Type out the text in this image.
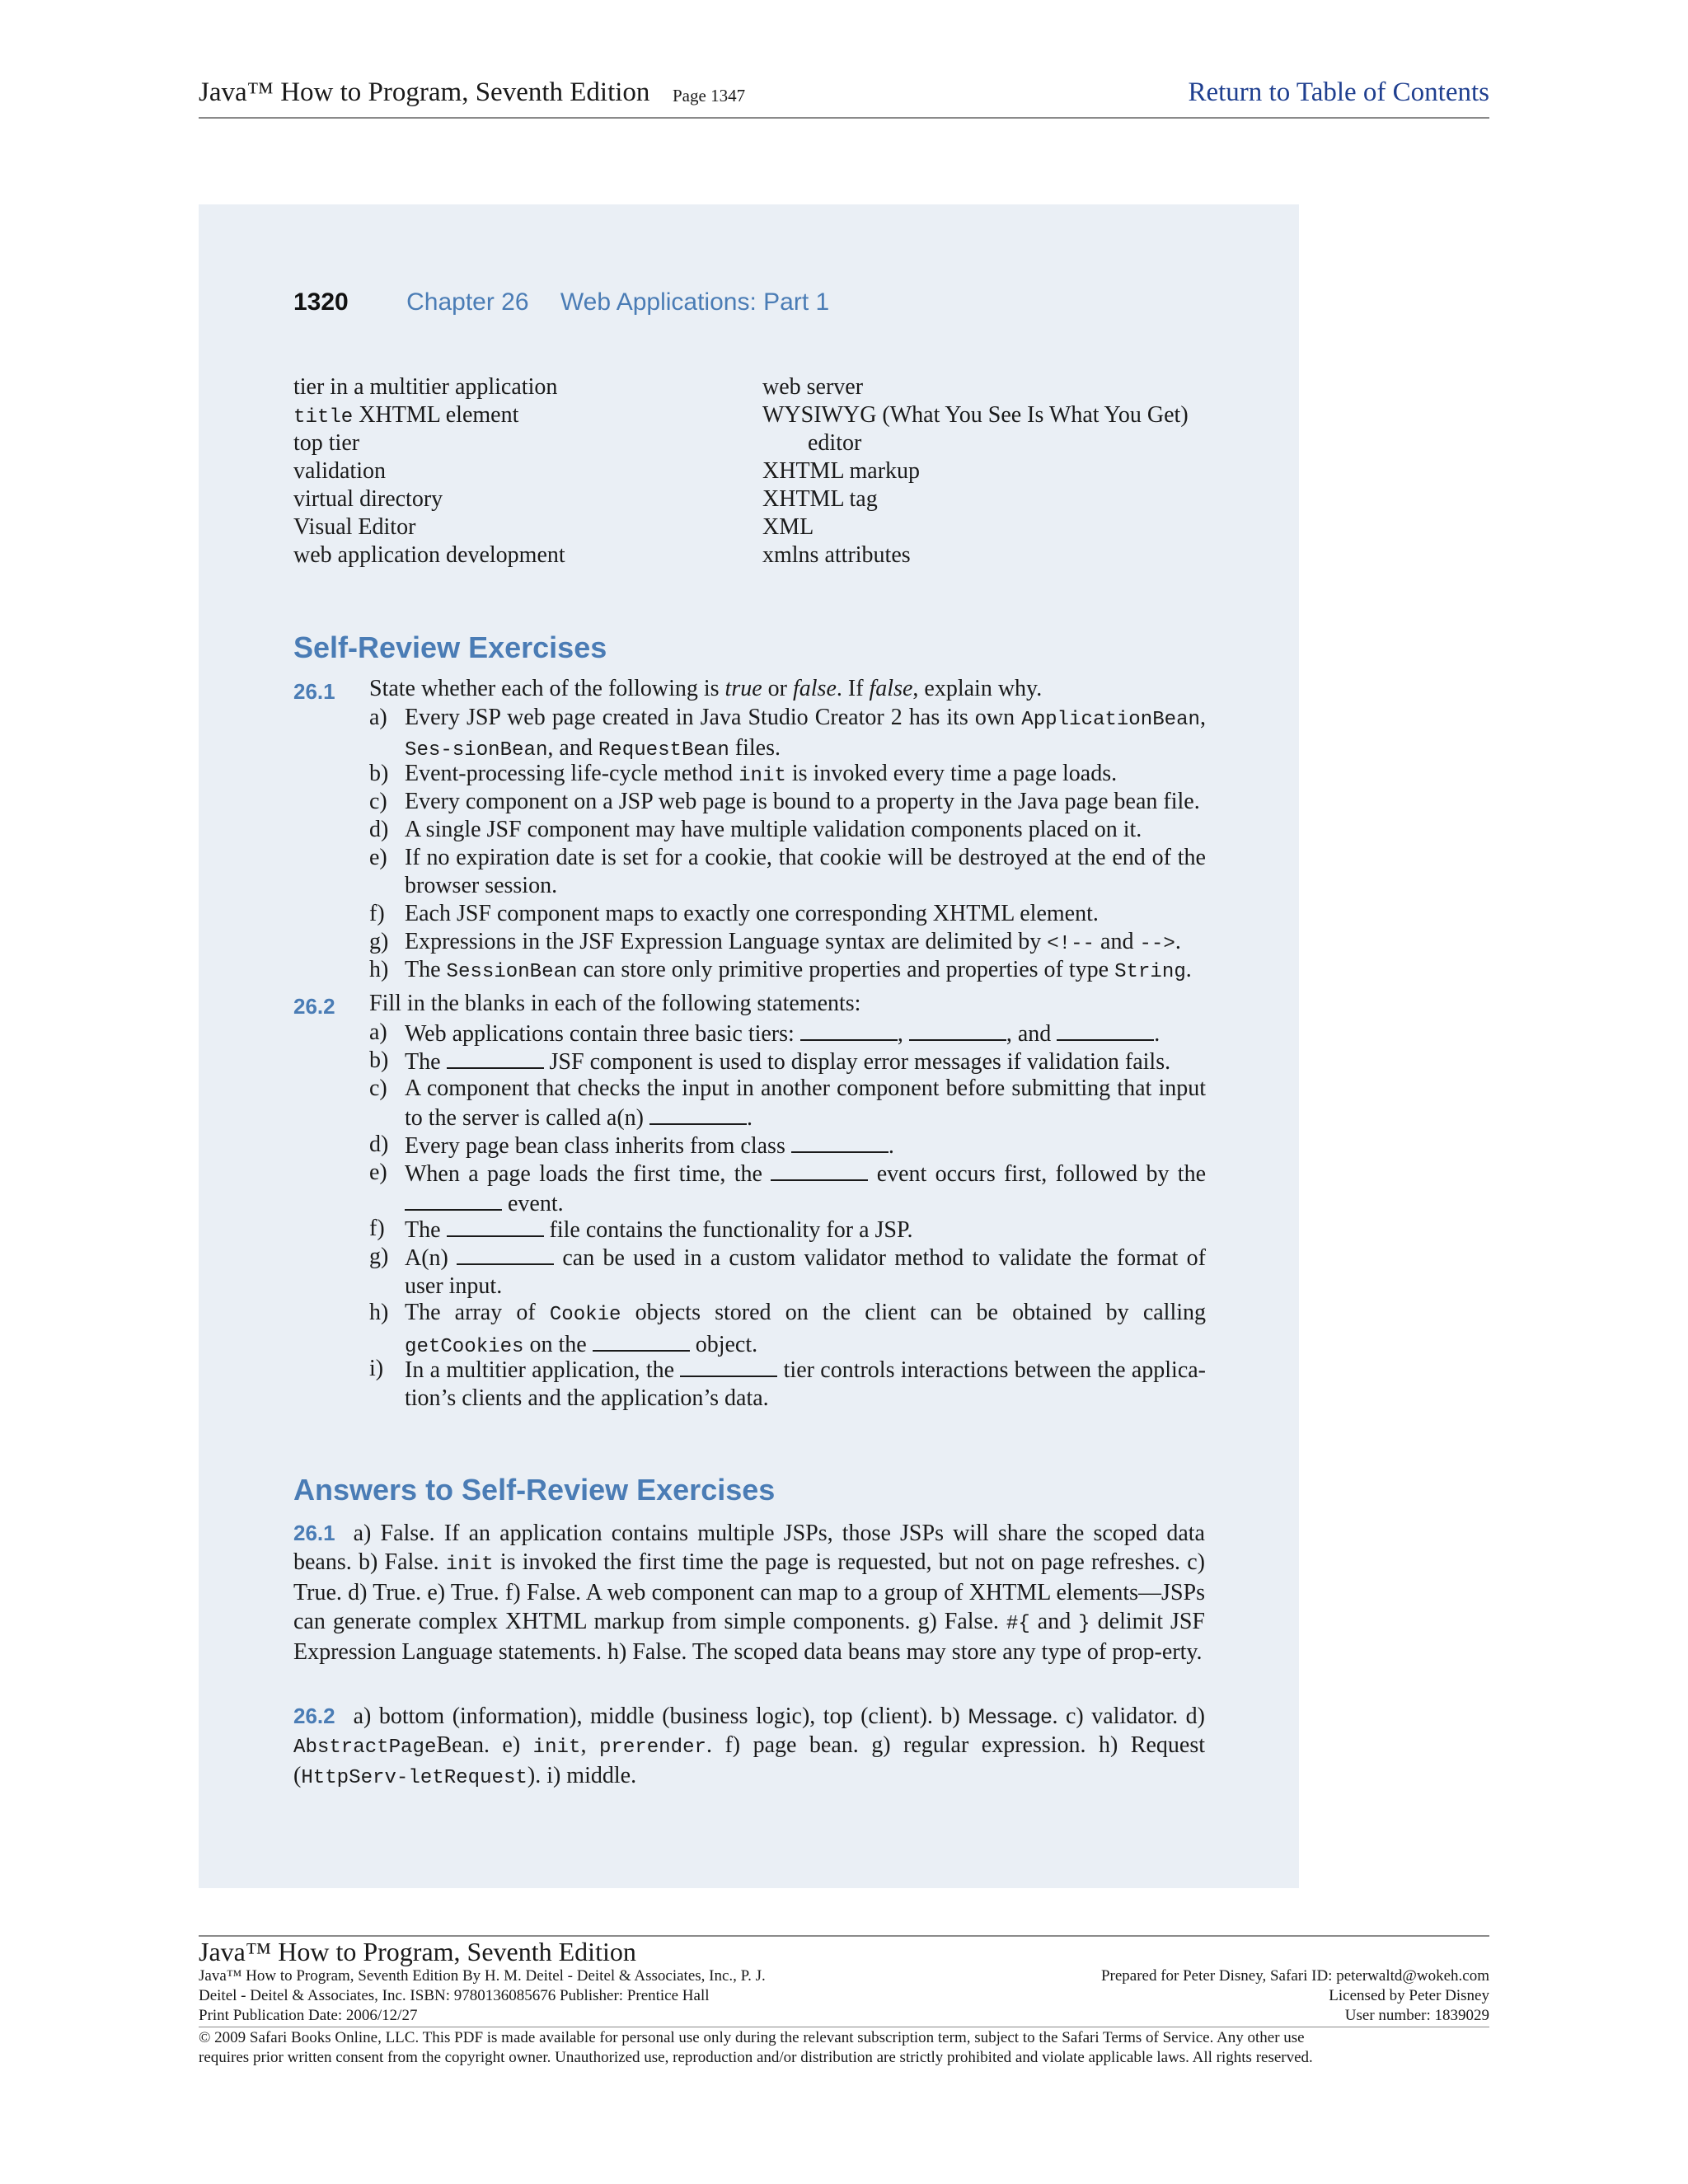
Java™ How to Program, Seventh Edition Page 1347	Return to Table of Contents
1320 Chapter 26 Web Applications: Part 1
tier in a multitier application
title XHTML element
top tier
validation
virtual directory
Visual Editor
web application development
web server
WYSIWYG (What You See Is What You Get)
editor
XHTML markup
XHTML tag
XML
xmlns attributes
Self-Review Exercises
26.1 State whether each of the following is true or false. If false, explain why.
a) Every JSP web page created in Java Studio Creator 2 has its own ApplicationBean, Ses-sionBean, and RequestBean files.
b) Event-processing life-cycle method init is invoked every time a page loads.
c) Every component on a JSP web page is bound to a property in the Java page bean file.
d) A single JSF component may have multiple validation components placed on it.
e) If no expiration date is set for a cookie, that cookie will be destroyed at the end of the browser session.
f) Each JSF component maps to exactly one corresponding XHTML element.
g) Expressions in the JSF Expression Language syntax are delimited by <!-- and -->.
h) The SessionBean can store only primitive properties and properties of type String.
26.2 Fill in the blanks in each of the following statements:
a) Web applications contain three basic tiers:	,	, and	.
b) The	JSF component is used to display error messages if validation fails.
c) A component that checks the input in another component before submitting that input to the server is called a(n)	.
d) Every page bean class inherits from class	.
e) When a page loads the first time, the	event occurs first, followed by the  event.
f) The	file contains the functionality for a JSP.
g) A(n)	can be used in a custom validator method to validate the format of user input.
h) The array of Cookie objects stored on the client can be obtained by calling getCookies on the	object.
i) In a multitier application, the	tier controls interactions between the applica-tion’s clients and the application’s data.
Answers to Self-Review Exercises
26.1 a) False. If an application contains multiple JSPs, those JSPs will share the scoped data beans. b) False. init is invoked the first time the page is requested, but not on page refreshes. c) True. d) True. e) True. f) False. A web component can map to a group of XHTML elements—JSPs can generate complex XHTML markup from simple components. g) False. #{ and } delimit JSF Expression Language statements. h) False. The scoped data beans may store any type of prop-erty.
26.2 a) bottom (information), middle (business logic), top (client). b) Message. c) validator. d) AbstractPageBean. e) init, prerender. f) page bean. g) regular expression. h) Request (HttpServ-letRequest). i) middle.
Java™ How to Program, Seventh Edition
Java™ How to Program, Seventh Edition By H. M. Deitel - Deitel & Associates, Inc., P. J.
Deitel - Deitel & Associates, Inc. ISBN: 9780136085676 Publisher: Prentice Hall
Print Publication Date: 2006/12/27
Prepared for Peter Disney, Safari ID: peterwaltd@wokeh.com
Licensed by Peter Disney
User number: 1839029
© 2009 Safari Books Online, LLC. This PDF is made available for personal use only during the relevant subscription term, subject to the Safari Terms of Service. Any other use
requires prior written consent from the copyright owner. Unauthorized use, reproduction and/or distribution are strictly prohibited and violate applicable laws. All rights reserved.
